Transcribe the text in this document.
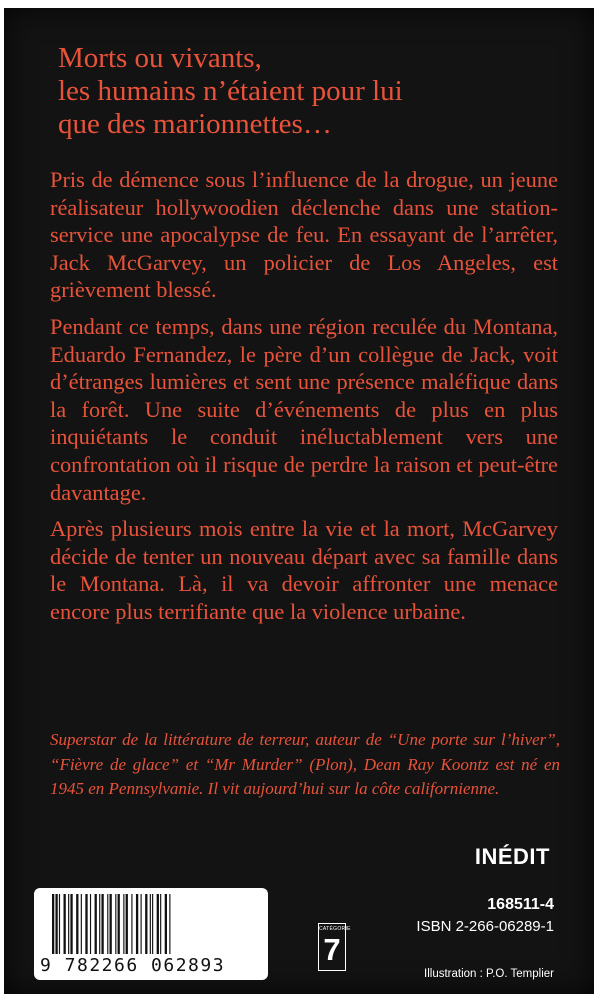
Morts ou vivants,
les humains n’étaient pour lui
que des marionnettes…

Pris de démence sous l’influence de la drogue, un jeune réalisateur hollywoodien déclenche dans une station-service une apocalypse de feu. En essayant de l’arrêter, Jack McGarvey, un policier de Los Angeles, est grièvement blessé.

Pendant ce temps, dans une région reculée du Montana, Eduardo Fernandez, le père d’un collègue de Jack, voit d’étranges lumières et sent une présence maléfique dans la forêt. Une suite d’événements de plus en plus inquiétants le conduit inéluctablement vers une confrontation où il risque de perdre la raison et peut-être davantage.

Après plusieurs mois entre la vie et la mort, McGarvey décide de tenter un nouveau départ avec sa famille dans le Montana. Là, il va devoir affronter une menace encore plus terrifiante que la violence urbaine.

Superstar de la littérature de terreur, auteur de “Une porte sur l’hiver”, “Fièvre de glace” et “Mr Murder” (Plon), Dean Ray Koontz est né en 1945 en Pennsylvanie. Il vit aujourd’hui sur la côte californienne.

INÉDIT
9 782266 062893
CATÉGORIE
7
168511-4
ISBN 2-266-06289-1
Illustration : P.O. Templier
